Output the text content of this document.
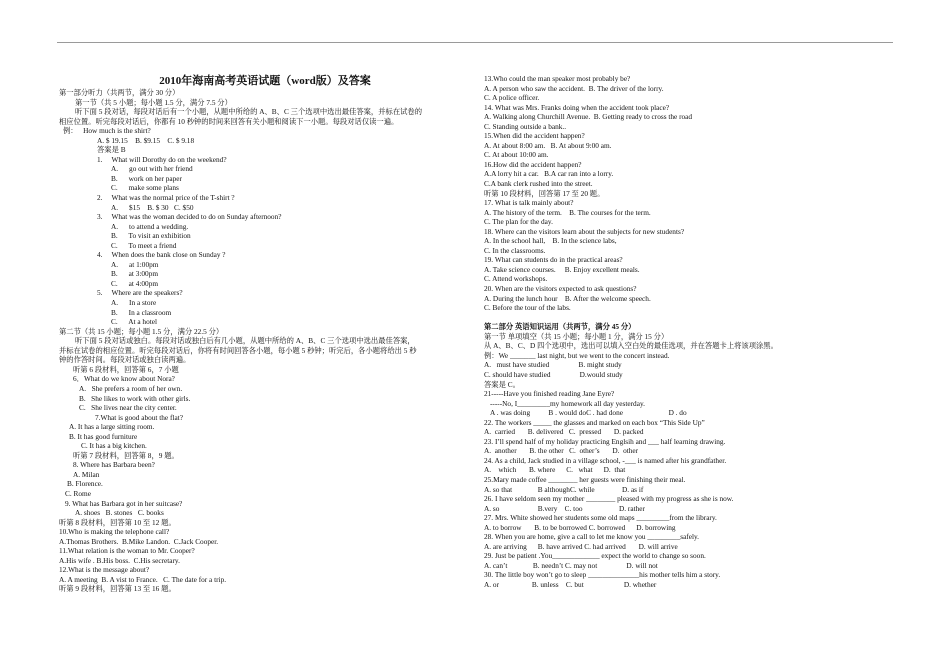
2010年海南高考英语试题（word版）及答案
第一部分听力（共两节，满分 30 分）
第一节（共 5 小题；每小题 1.5 分，满分 7.5 分）
听下面 5 段对话，每段对话后有一个小题，从题中所给的 A、B、C 三个选项中选出最佳答案，并标在试卷的
相应位置。听完每段对话后，你都有 10 秒钟的时间来回答有关小题和阅读下一小题。每段对话仅读一遍。
例：   How much is the shirt?
A. $ 19.15    B. $9.15    C. $ 9.18
答案是 B
1.     What will Dorothy do on the weekend?
A.      go out with her friend
B.      work on her paper
C.      make some plans
2.     What was the normal price of the T-shirt ?
A.      $15    B. $ 30   C. $50
3.     What was the woman decided to do on Sunday afternoon?
A.      to attend a wedding.
B.      To visit an exhibition
C.      To meet a friend
4.     When does the bank close on Sunday ?
A.      at 1:00pm
B.      at 3:00pm
C.      at 4:00pm
5.     Where are the speakers?
A.      In a store
B.      In a classroom
C.      At a hotel
第二节（共 15 小题；每小题 1.5 分，满分 22.5 分）
听下面 5 段对话或独白。每段对话或独白后有几小题，从题中所给的 A、B、C 三个选项中选出最佳答案，
并标在试卷的相应位置。听完每段对话后，你将有时间回答各小题，每小题 5 秒钟；听完后，各小题将给出 5 秒
钟的作答时间。每段对话或独白读两遍。
听第 6 段材料，回答第 6，7 小题
6．What do we know about Nora?
A.   She prefers a room of her own.
B.   She likes to work with other girls.
C.   She lives near the city center.
7.What is good about the flat?
A. It has a large sitting room.
B. It has good furniture
C. It has a big kitchen.
听第 7 段材料，回答第 8，9 题。
8. Where has Barbara been?
A. Milan
B. Florence.
C. Rome
9. What has Barbara got in her suitcase?
A. shoes   B. stones   C. books
听第 8 段材料，回答第 10 至 12 题。
10.Who is making the telephone call?
A.Thomas Brothers.  B.Mike Landon.  C.Jack Cooper.
11.What relation is the woman to Mr. Cooper?
A.His wife . B.His boss.  C.His secretary.
12.What is the message about?
A. A meeting  B. A vist to France.   C. The date for a trip.
听第 9 段材料，回答第 13 至 16 题。
13.Who could the man speaker most probably be?
A. A person who saw the accident.  B. The driver of the lorry.
C. A police officer.
14. What was Mrs. Franks doing when the accident took place?
A. Walking along Churchill Avenue.  B. Getting ready to cross the road
C. Standing outside a bank..
15.When did the accident happen?
A. At about 8:00 am.   B. At about 9:00 am.
C. At about 10:00 am.
16.How did the accident happen?
A.A lorry hit a car.   B.A car ran into a lorry.
C.A bank clerk rushed into the street.
听第 10 段材料，回答第 17 至 20 题。
17. What is talk mainly about?
A. The history of the term.    B. The courses for the term.
C. The plan for the day.
18. Where can the visitors learn about the subjects for new students?
A. In the school hall,    B. In the science labs,
C. In the classrooms.
19. What can students do in the practical areas?
A. Take science courses.     B. Enjoy excellent meals.
C. Attend workshops.
20. When are the visitors expected to ask questions?
A. During the lunch hour    B. After the welcome speech.
C. Before the tour of the labs.
第二部分 英语知识运用（共两节，满分 45 分）
第一节 单项填空（共 15 小题；每小题 1 分，满分 15 分）
从 A、B、C、D 四个选项中，选出可以填入空白处的最佳选项，并在答题卡上将该项涂黑。
例：We _______ last night, but we went to the concert instead.
A.   must have studied                B. might study
C. should have studied                D.would study
答案是 C。
21-----Have you finished reading Jane Eyre?
-----No, I_________my homework all day yesterday.
A . was doing          B . would doC . had done                         D . do
22. The workers _____ the glasses and marked on each box “This Side Up”
A.  carried       B. delivered   C.  pressed       D. packed
23. I’ll spend half of my holiday practicing Englsih and ___ half learning drawing.
A.  another       B. the other   C.  other’s       D.  other
24. As a child, Jack studied in a village school, -___ is named after his grandfather.
A.    which       B. where      C.   what      D.  that
25.Mary made coffee ________ her guests were finishing their meal.
A. so that              B althoughC. while               D. as if
26. I have seldom seen my mother ________ pleased with my progress as she is now.
A. so                     B.very    C. too                    D. rather
27. Mrs. White showed her students some old maps _________from the library.
A. to borrow       B. to be borrowed C. borrowed      D. borrowing
28. When you are home, give a call to let me know you _________safely.
A. are arriving      B. have arrived C. had arrived       D. will arrive
29. Just be patient .You_____________ expect the world to change so soon.
A. can’t              B. needn’t C. may not                D. will not
30. The little boy won’t go to sleep ______________his mother tells him a story.
A. or                  B. unless    C. but                      D. whether
